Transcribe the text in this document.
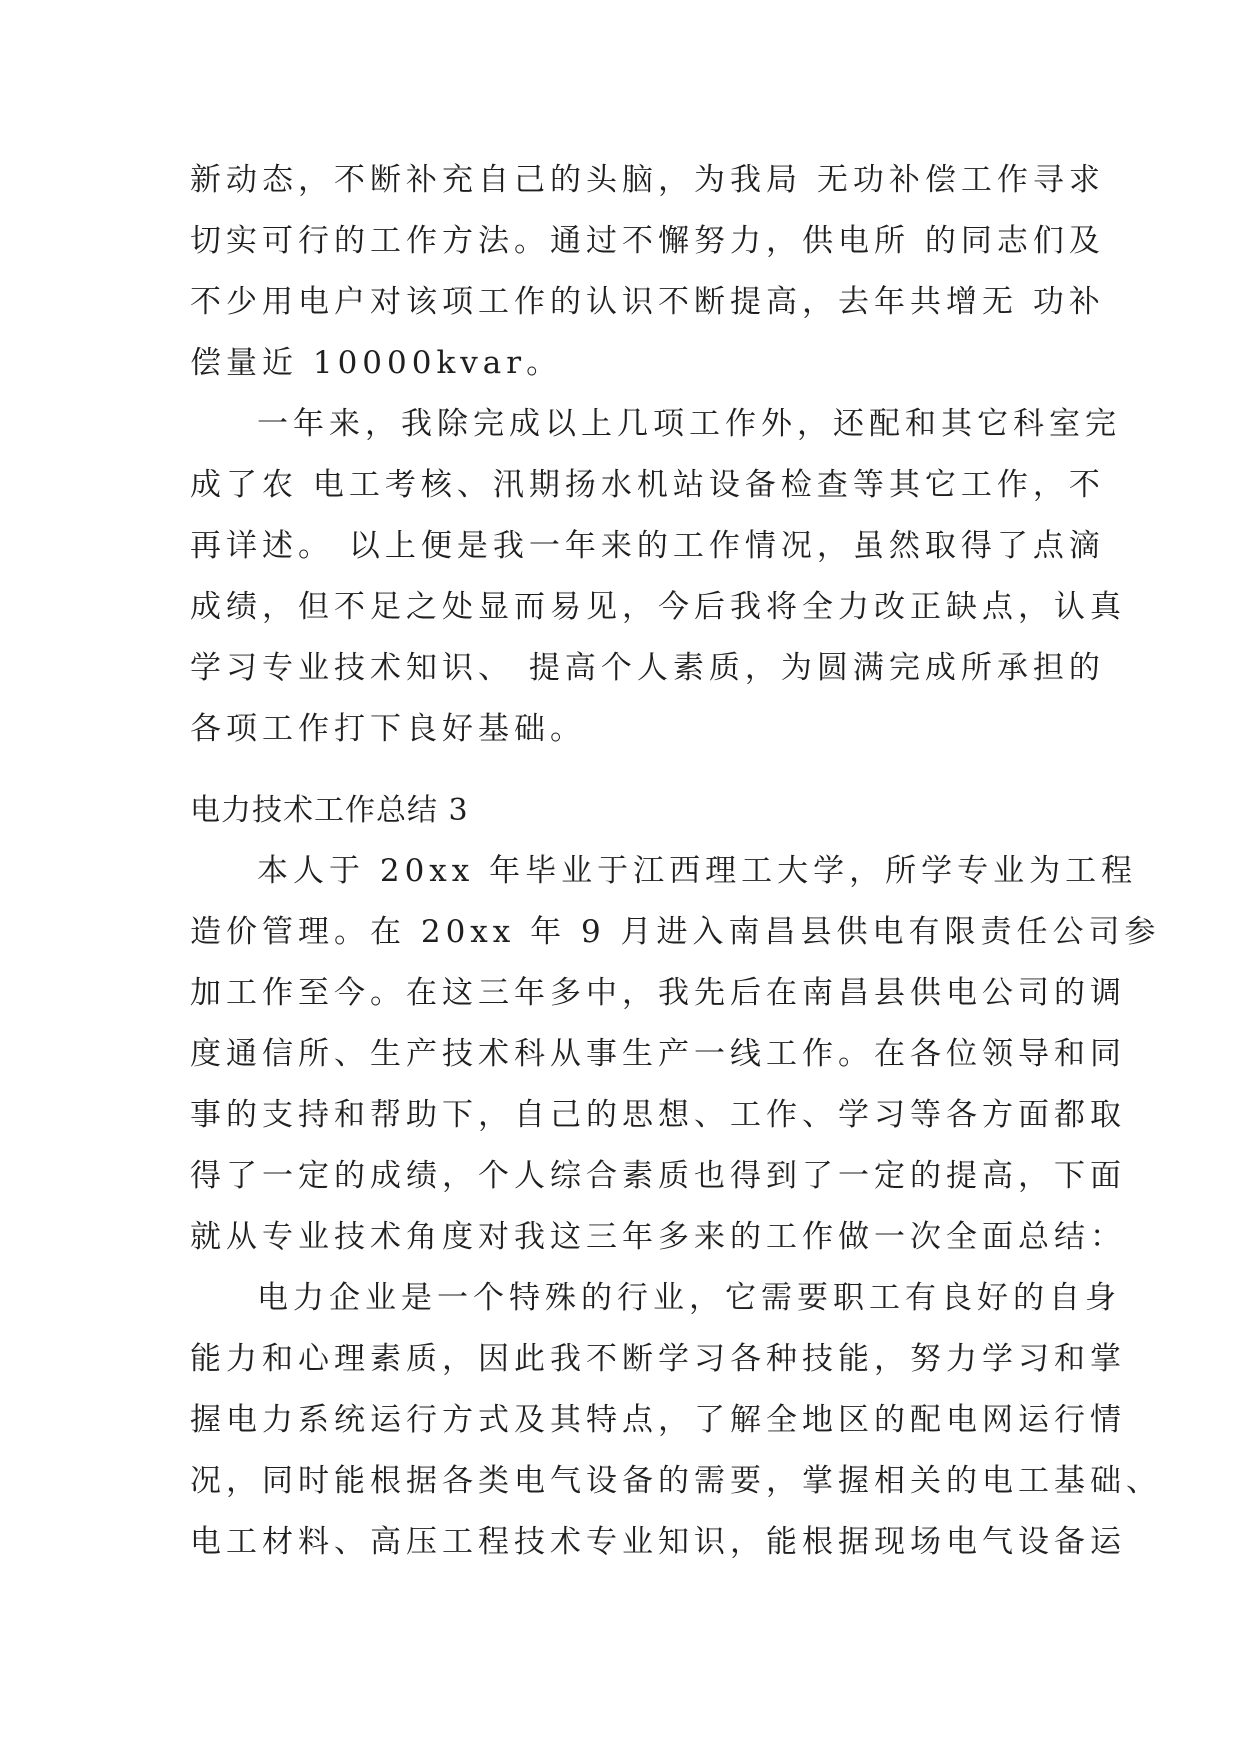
新动态，不断补充自己的头脑，为我局 无功补偿工作寻求
切实可行的工作方法。通过不懈努力，供电所 的同志们及
不少用电户对该项工作的认识不断提高，去年共增无 功补
偿量近 10000kvar。
一年来，我除完成以上几项工作外，还配和其它科室完
成了农 电工考核、汛期扬水机站设备检查等其它工作，不
再详述。 以上便是我一年来的工作情况，虽然取得了点滴
成绩，但不足之处显而易见，今后我将全力改正缺点，认真
学习专业技术知识、 提高个人素质，为圆满完成所承担的
各项工作打下良好基础。
电力技术工作总结 3
本人于 20xx 年毕业于江西理工大学，所学专业为工程
造价管理。在 20xx 年 9 月进入南昌县供电有限责任公司参
加工作至今。在这三年多中，我先后在南昌县供电公司的调
度通信所、生产技术科从事生产一线工作。在各位领导和同
事的支持和帮助下，自己的思想、工作、学习等各方面都取
得了一定的成绩，个人综合素质也得到了一定的提高，下面
就从专业技术角度对我这三年多来的工作做一次全面总结：
电力企业是一个特殊的行业，它需要职工有良好的自身
能力和心理素质，因此我不断学习各种技能，努力学习和掌
握电力系统运行方式及其特点，了解全地区的配电网运行情
况，同时能根据各类电气设备的需要，掌握相关的电工基础、
电工材料、高压工程技术专业知识，能根据现场电气设备运
